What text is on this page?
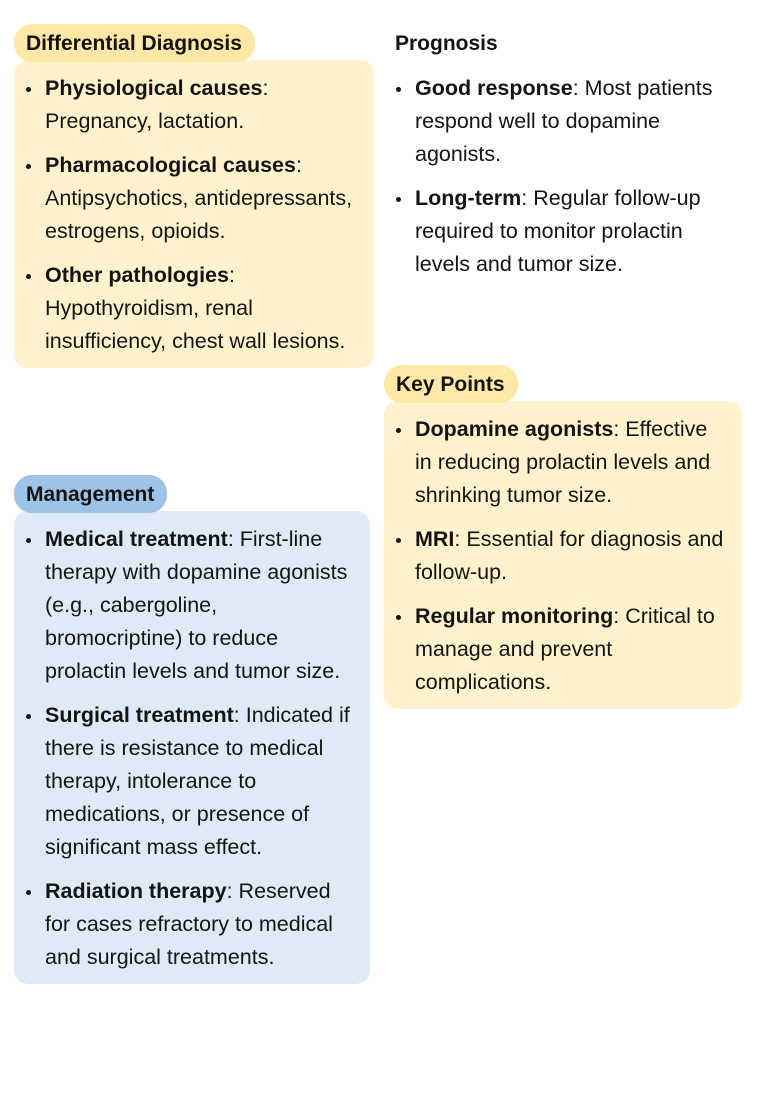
Differential Diagnosis
Physiological causes: Pregnancy, lactation.
Pharmacological causes: Antipsychotics, antidepressants, estrogens, opioids.
Other pathologies: Hypothyroidism, renal insufficiency, chest wall lesions.
Management
Medical treatment: First-line therapy with dopamine agonists (e.g., cabergoline, bromocriptine) to reduce prolactin levels and tumor size.
Surgical treatment: Indicated if there is resistance to medical therapy, intolerance to medications, or presence of significant mass effect.
Radiation therapy: Reserved for cases refractory to medical and surgical treatments.
Prognosis
Good response: Most patients respond well to dopamine agonists.
Long-term: Regular follow-up required to monitor prolactin levels and tumor size.
Key Points
Dopamine agonists: Effective in reducing prolactin levels and shrinking tumor size.
MRI: Essential for diagnosis and follow-up.
Regular monitoring: Critical to manage and prevent complications.
